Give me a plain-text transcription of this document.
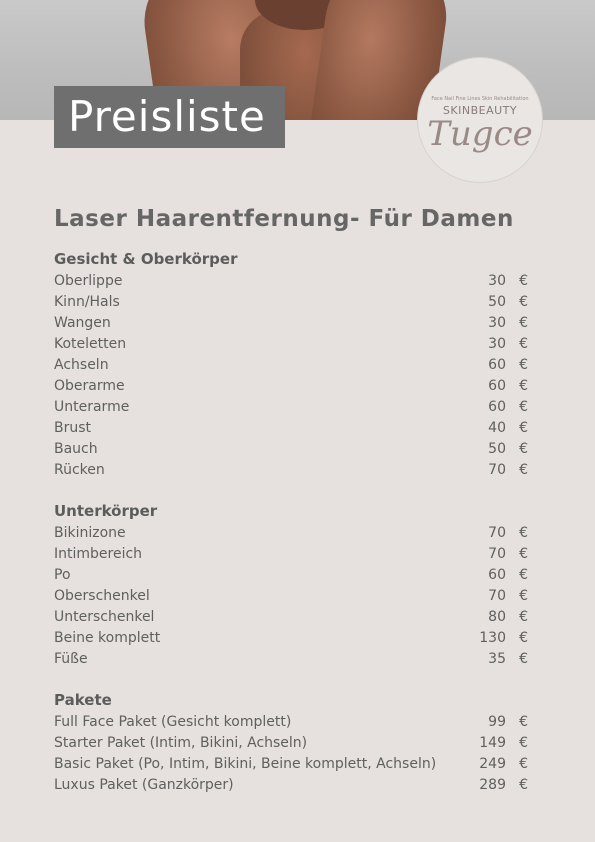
Preisliste	Face Nail Fine Lines Skin Rehabilitation
SKINBEAUTY
Tugce
Laser Haarentfernung- Für Damen
Gesicht & Oberkörper
Oberlippe	30 €
Kinn/Hals	50 €
Wangen	30 €
Koteletten	30 €
Achseln	60 €
Oberarme	60 €
Unterarme	60 €
Brust	40 €
Bauch	50 €
Rücken	70 €
Unterkörper
Bikinizone	70 €
Intimbereich	70 €
Po	60 €
Oberschenkel	70 €
Unterschenkel	80 €
Beine komplett	130 €
Füße	35 €
Pakete
Full Face Paket (Gesicht komplett)	99 €
Starter Paket (Intim, Bikini, Achseln)	149 €
Basic Paket (Po, Intim, Bikini, Beine komplett, Achseln)	249 €
Luxus Paket (Ganzkörper)	289 €
